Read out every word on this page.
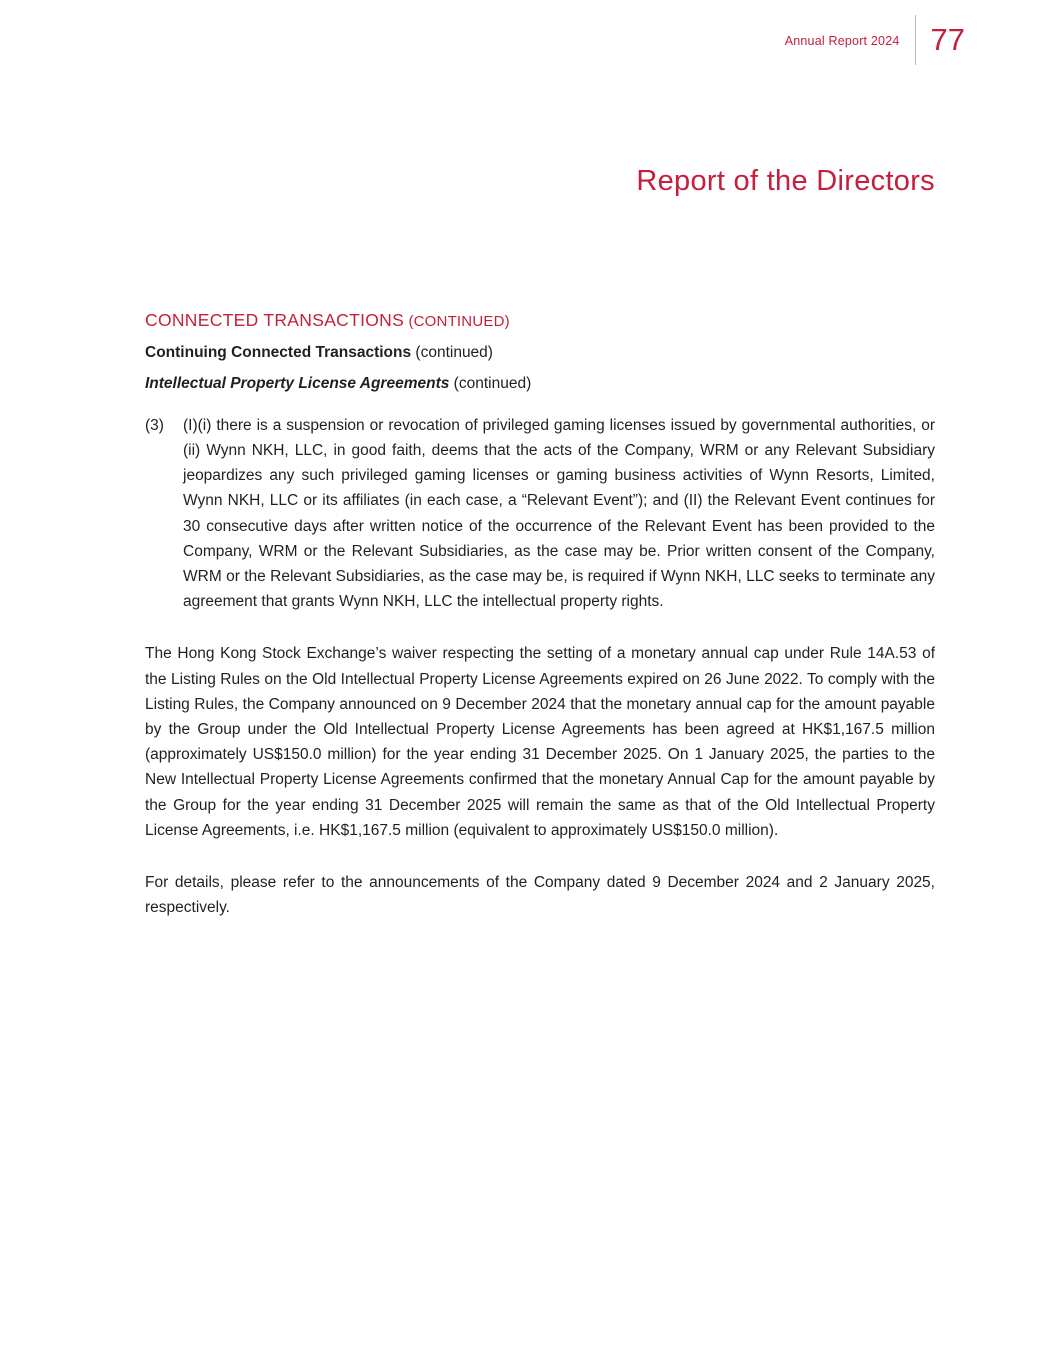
Annual Report 2024 77
Report of the Directors
CONNECTED TRANSACTIONS (CONTINUED)
Continuing Connected Transactions (continued)
Intellectual Property License Agreements (continued)
(3)	(I)(i) there is a suspension or revocation of privileged gaming licenses issued by governmental authorities, or (ii) Wynn NKH, LLC, in good faith, deems that the acts of the Company, WRM or any Relevant Subsidiary jeopardizes any such privileged gaming licenses or gaming business activities of Wynn Resorts, Limited, Wynn NKH, LLC or its affiliates (in each case, a “Relevant Event”); and (II) the Relevant Event continues for 30 consecutive days after written notice of the occurrence of the Relevant Event has been provided to the Company, WRM or the Relevant Subsidiaries, as the case may be. Prior written consent of the Company, WRM or the Relevant Subsidiaries, as the case may be, is required if Wynn NKH, LLC seeks to terminate any agreement that grants Wynn NKH, LLC the intellectual property rights.
The Hong Kong Stock Exchange’s waiver respecting the setting of a monetary annual cap under Rule 14A.53 of the Listing Rules on the Old Intellectual Property License Agreements expired on 26 June 2022. To comply with the Listing Rules, the Company announced on 9 December 2024 that the monetary annual cap for the amount payable by the Group under the Old Intellectual Property License Agreements has been agreed at HK$1,167.5 million (approximately US$150.0 million) for the year ending 31 December 2025. On 1 January 2025, the parties to the New Intellectual Property License Agreements confirmed that the monetary Annual Cap for the amount payable by the Group for the year ending 31 December 2025 will remain the same as that of the Old Intellectual Property License Agreements, i.e. HK$1,167.5 million (equivalent to approximately US$150.0 million).
For details, please refer to the announcements of the Company dated 9 December 2024 and 2 January 2025, respectively.
